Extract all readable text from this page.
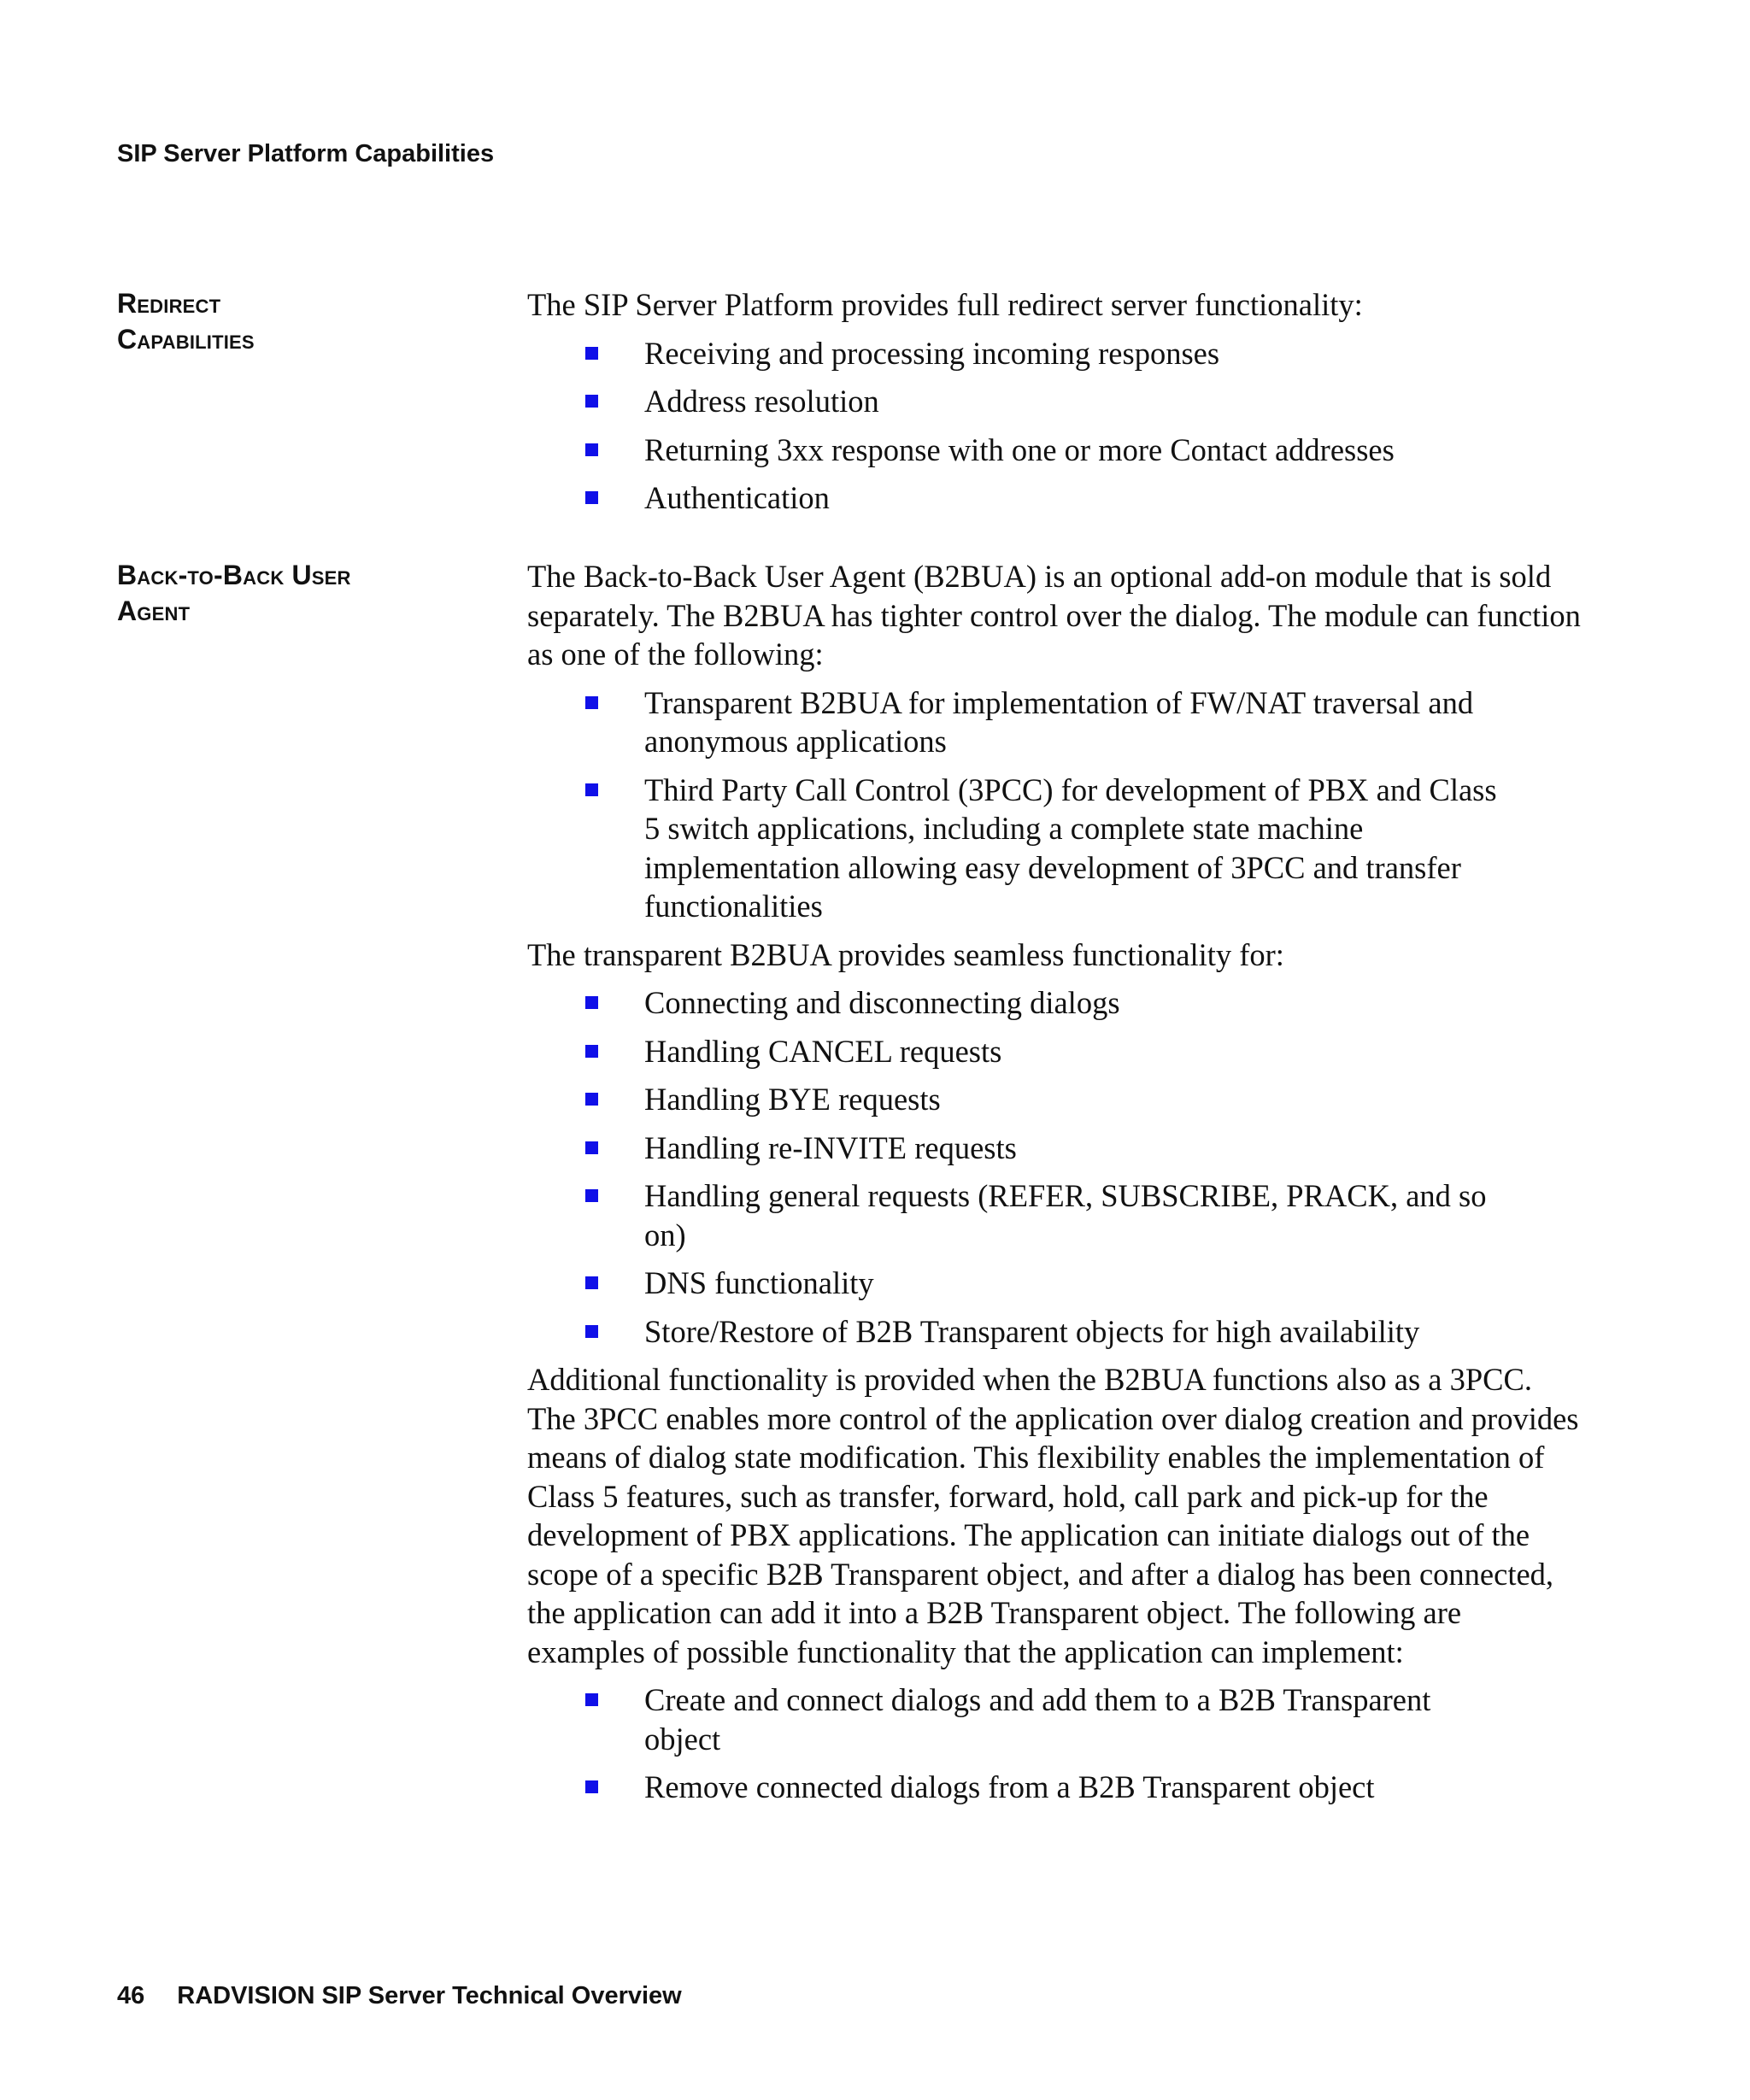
SIP Server Platform Capabilities
Redirect
Capabilities

The SIP Server Platform provides full redirect server functionality:

Receiving and processing incoming responses
Address resolution
Returning 3xx response with one or more Contact addresses
Authentication
Back-to-Back User
Agent

The Back-to-Back User Agent (B2BUA) is an optional add-on module that is sold separately. The B2BUA has tighter control over the dialog. The module can function as one of the following:

Transparent B2BUA for implementation of FW/NAT traversal and anonymous applications
Third Party Call Control (3PCC) for development of PBX and Class 5 switch applications, including a complete state machine implementation allowing easy development of 3PCC and transfer functionalities

The transparent B2BUA provides seamless functionality for:

Connecting and disconnecting dialogs
Handling CANCEL requests
Handling BYE requests
Handling re-INVITE requests
Handling general requests (REFER, SUBSCRIBE, PRACK, and so on)
DNS functionality
Store/Restore of B2B Transparent objects for high availability

Additional functionality is provided when the B2BUA functions also as a 3PCC. The 3PCC enables more control of the application over dialog creation and provides means of dialog state modification. This flexibility enables the implementation of Class 5 features, such as transfer, forward, hold, call park and pick-up for the development of PBX applications. The application can initiate dialogs out of the scope of a specific B2B Transparent object, and after a dialog has been connected, the application can add it into a B2B Transparent object. The following are examples of possible functionality that the application can implement:

Create and connect dialogs and add them to a B2B Transparent object
Remove connected dialogs from a B2B Transparent object
46 RADVISION SIP Server Technical Overview
